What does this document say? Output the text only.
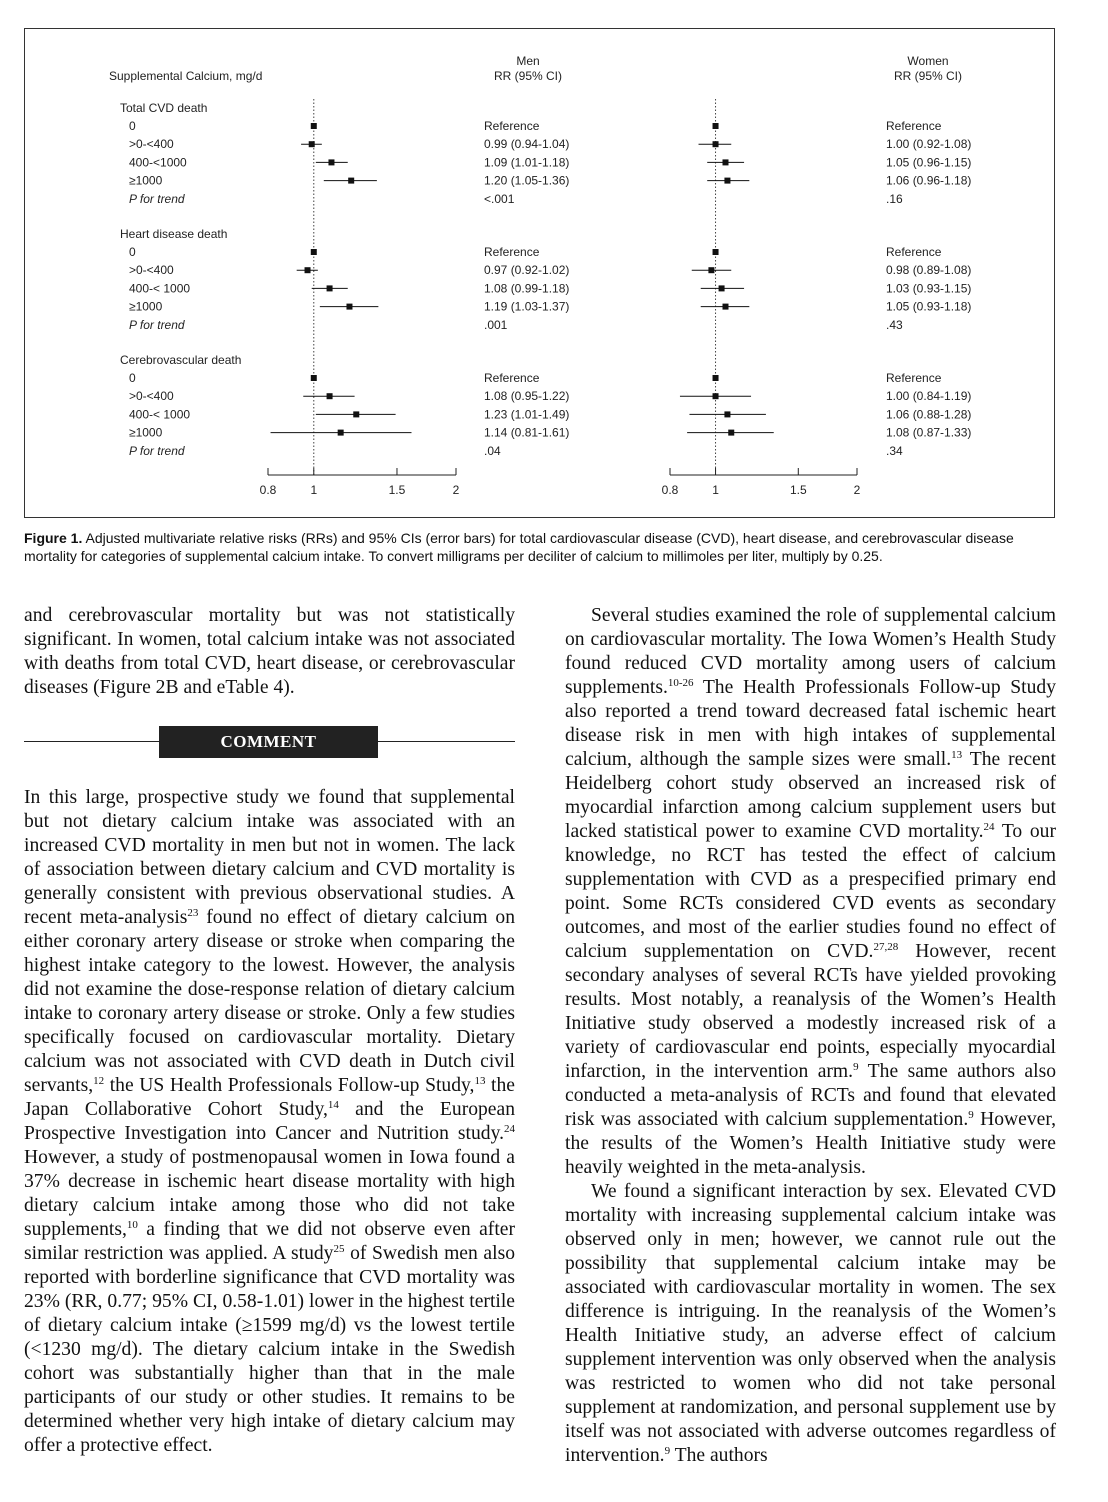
Supplemental Calcium, mg/d
Men
RR (95% CI)
Women
RR (95% CI)
Total CVD death
0	Reference	Reference
>0-<400	0.99 (0.94-1.04)	1.00 (0.92-1.08)
400-<1000	1.09 (1.01-1.18)	1.05 (0.96-1.15)
≥1000	1.20 (1.05-1.36)	1.06 (0.96-1.18)
P for trend	<.001	.16
Heart disease death
0	Reference	Reference
>0-<400	0.97 (0.92-1.02)	0.98 (0.89-1.08)
400-< 1000	1.08 (0.99-1.18)	1.03 (0.93-1.15)
≥1000	1.19 (1.03-1.37)	1.05 (0.93-1.18)
P for trend	.001	.43
Cerebrovascular death
0	Reference	Reference
>0-<400	1.08 (0.95-1.22)	1.00 (0.84-1.19)
400-< 1000	1.23 (1.01-1.49)	1.06 (0.88-1.28)
≥1000	1.14 (0.81-1.61)	1.08 (0.87-1.33)
P for trend	.04	.34
0.8	1	1.5	2	0.8	1	1.5	2
Figure 1. Adjusted multivariate relative risks (RRs) and 95% CIs (error bars) for total cardiovascular disease (CVD), heart disease, and cerebrovascular disease mortality for categories of supplemental calcium intake. To convert milligrams per deciliter of calcium to millimoles per liter, multiply by 0.25.

and cerebrovascular mortality but was not statistically significant. In women, total calcium intake was not associated with deaths from total CVD, heart disease, or cerebrovascular diseases (Figure 2B and eTable 4).

In this large, prospective study we found that supplemental but not dietary calcium intake was associated with an increased CVD mortality in men but not in women. The lack of association between dietary calcium and CVD mortality is generally consistent with previous observational studies. A recent meta-analysis$^{23}$ found no effect of dietary calcium on either coronary artery disease or stroke when comparing the highest intake category to the lowest. However, the analysis did not examine the dose-response relation of dietary calcium intake to coronary artery disease or stroke. Only a few studies specifically focused on cardiovascular mortality. Dietary calcium was not associated with CVD death in Dutch civil servants,$^{12}$ the US Health Professionals Follow-up Study,$^{13}$ the Japan Collaborative Cohort Study,$^{14}$ and the European Prospective Investigation into Cancer and Nutrition study.$^{24}$ However, a study of postmenopausal women in Iowa found a 37% decrease in ischemic heart disease mortality with high dietary calcium intake among those who did not take supplements,$^{10}$ a finding that we did not observe even after similar restriction was applied. A study$^{25}$ of Swedish men also reported with borderline significance that CVD mortality was 23% (RR, 0.77; 95% CI, 0.58-1.01) lower in the highest tertile of dietary calcium intake (≥1599 mg/d) vs the lowest tertile (<1230 mg/d). The dietary calcium intake in the Swedish cohort was substantially higher than that in the male participants of our study or other studies. It remains to be determined whether very high intake of dietary calcium may offer a protective effect.

COMMENT

Several studies examined the role of supplemental calcium on cardiovascular mortality. The Iowa Women’s Health Study found reduced CVD mortality among users of calcium supplements.$^{10-26}$ The Health Professionals Follow-up Study also reported a trend toward decreased fatal ischemic heart disease risk in men with high intakes of supplemental calcium, although the sample sizes were small.$^{13}$ The recent Heidelberg cohort study observed an increased risk of myocardial infarction among calcium supplement users but lacked statistical power to examine CVD mortality.$^{24}$ To our knowledge, no RCT has tested the effect of calcium supplementation with CVD as a prespecified primary end point. Some RCTs considered CVD events as secondary outcomes, and most of the earlier studies found no effect of calcium supplementation on CVD.$^{27,28}$ However, recent secondary analyses of several RCTs have yielded provoking results. Most notably, a reanalysis of the Women’s Health Initiative study observed a modestly increased risk of a variety of cardiovascular end points, especially myocardial infarction, in the intervention arm.$^9$ The same authors also conducted a meta-analysis of RCTs and found that elevated risk was associated with calcium supplementation.$^9$ However, the results of the Women’s Health Initiative study were heavily weighted in the meta-analysis.

We found a significant interaction by sex. Elevated CVD mortality with increasing supplemental calcium intake was observed only in men; however, we cannot rule out the possibility that supplemental calcium intake may be associated with cardiovascular mortality in women. The sex difference is intriguing. In the reanalysis of the Women’s Health Initiative study, an adverse effect of calcium supplement intervention was only observed when the analysis was restricted to women who did not take personal supplement at randomization, and personal supplement use by itself was not associated with adverse outcomes regardless of intervention.$^9$ The authors
